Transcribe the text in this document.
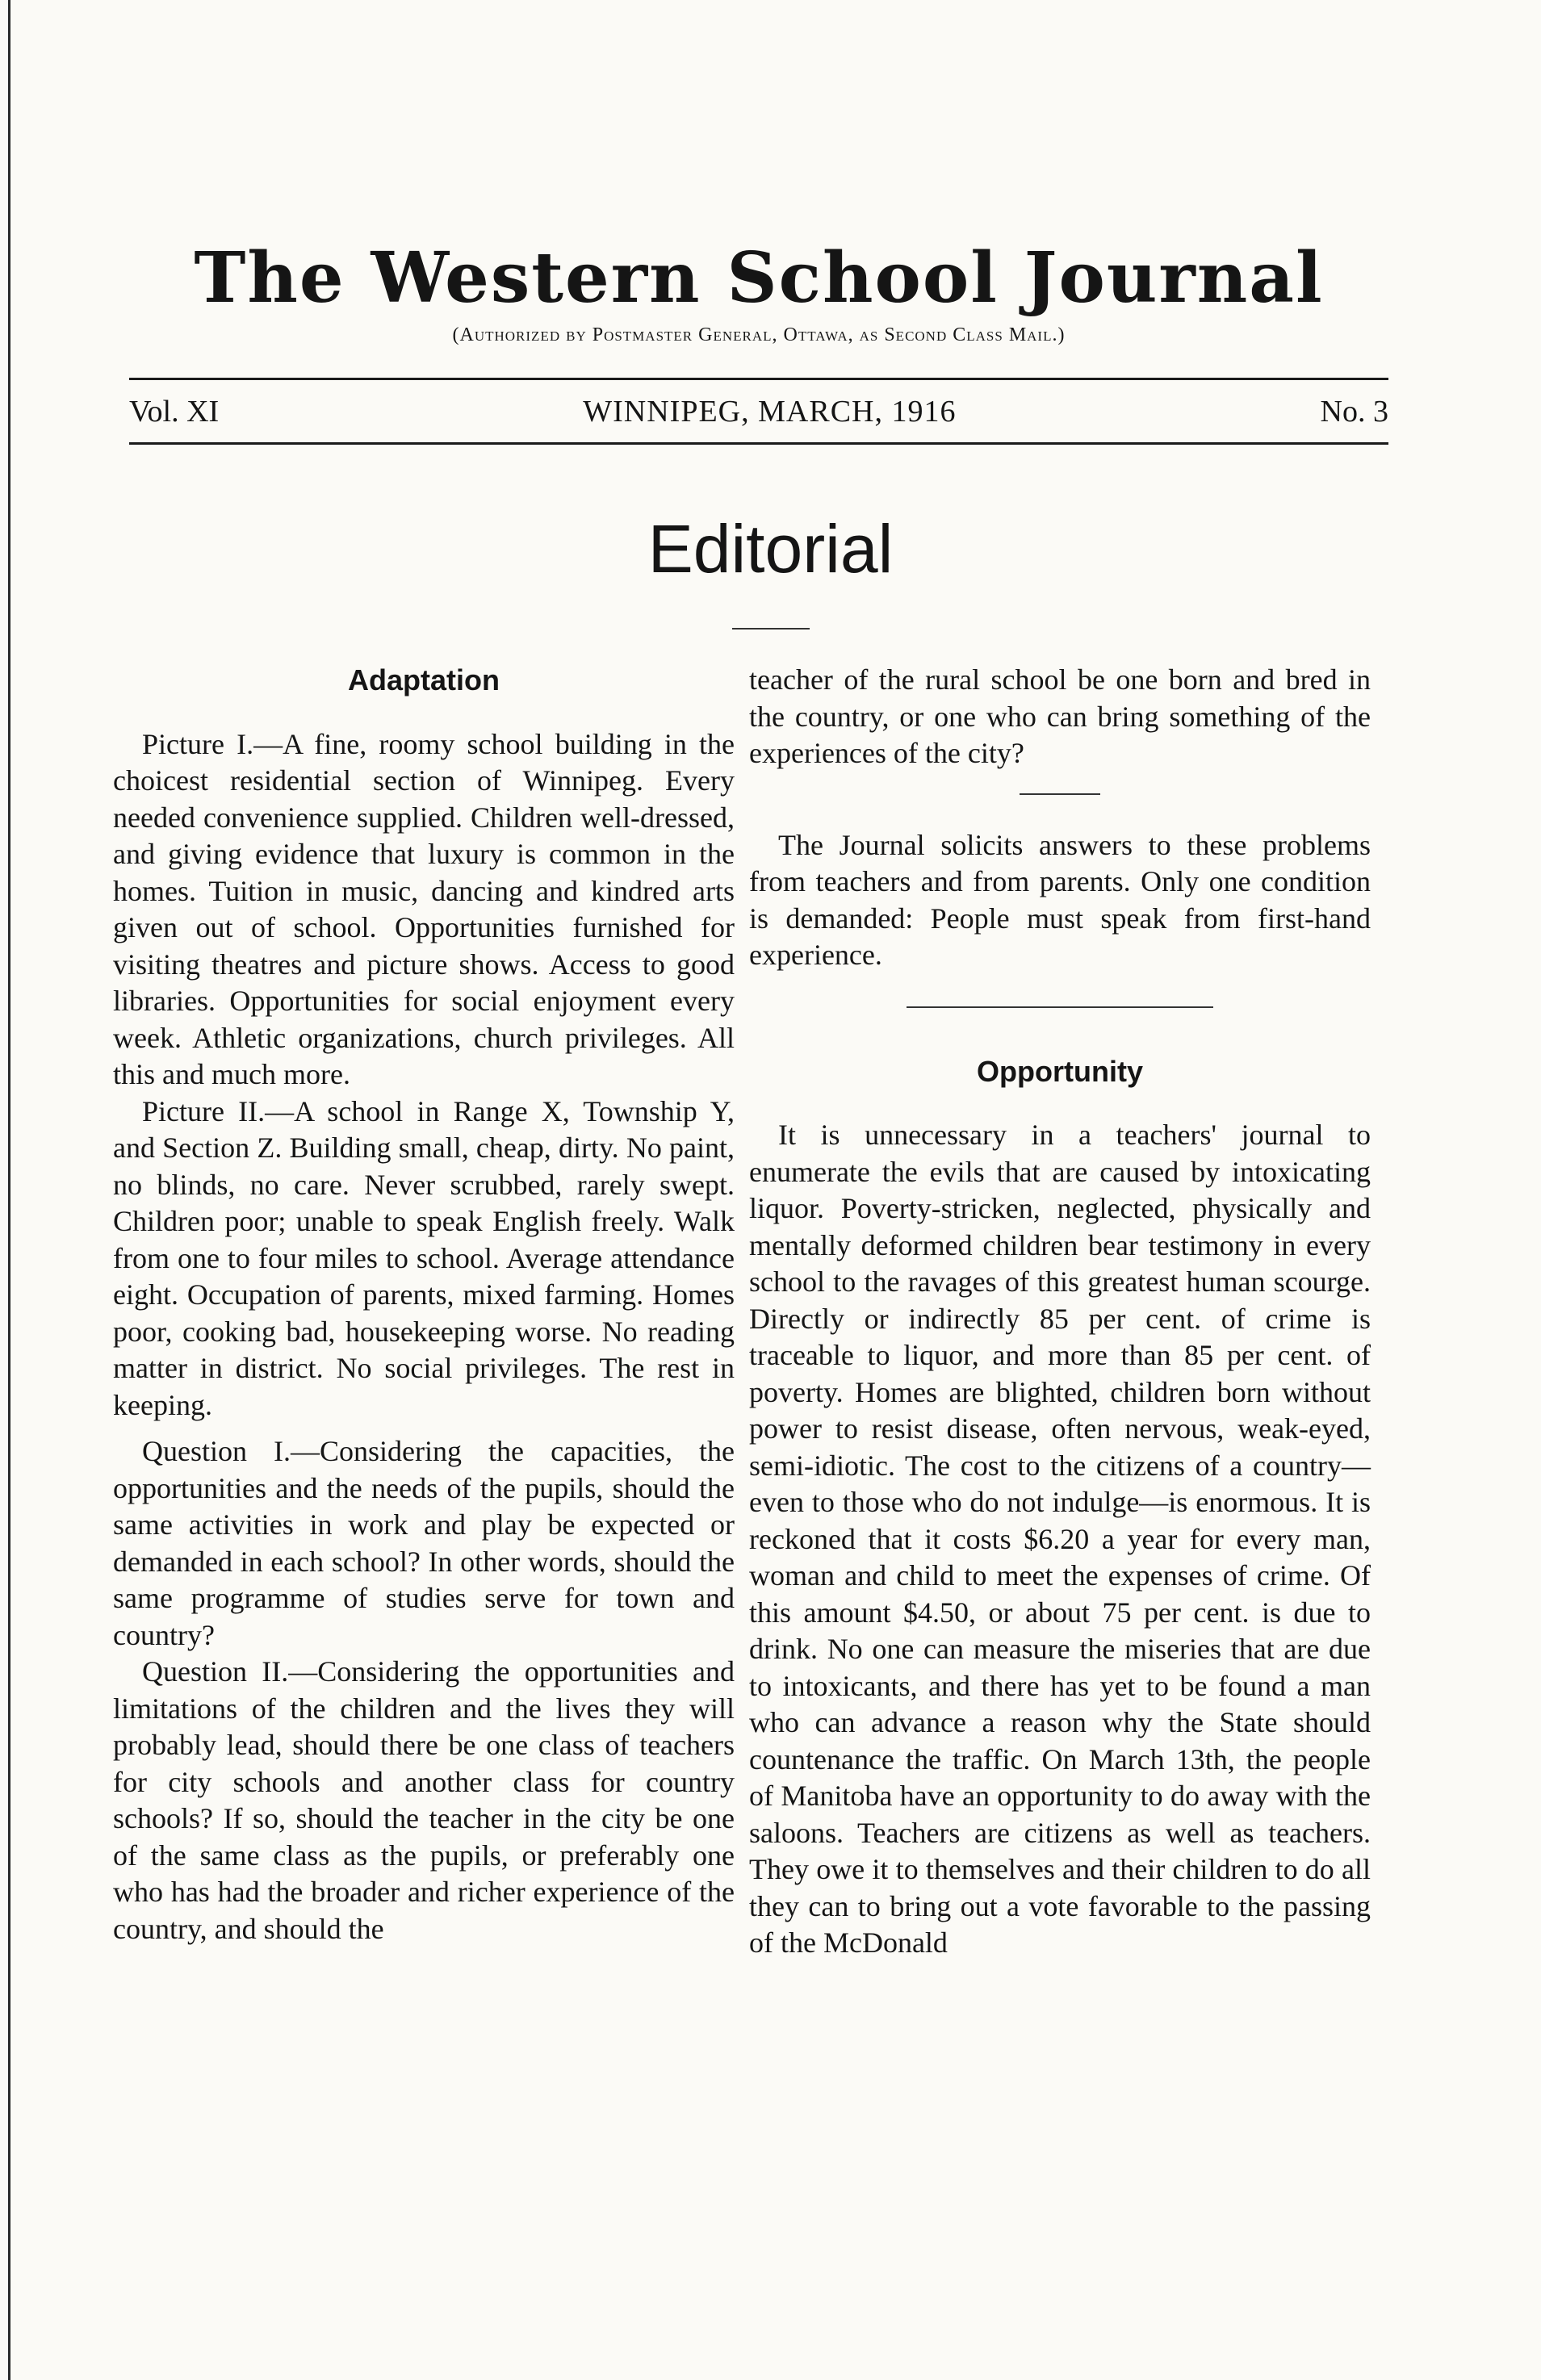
The Western School Journal
(Authorized by Postmaster General, Ottawa, as Second Class Mail.)
Vol. XI	WINNIPEG, MARCH, 1916	No. 3
Editorial
Adaptation

Picture I.—A fine, roomy school building in the choicest residential section of Winnipeg. Every needed convenience supplied. Children well-dressed, and giving evidence that luxury is common in the homes. Tuition in music, dancing and kindred arts given out of school. Opportunities furnished for visiting theatres and picture shows. Access to good libraries. Opportunities for social enjoyment every week. Athletic organizations, church privileges. All this and much more.

Picture II.—A school in Range X, Township Y, and Section Z. Building small, cheap, dirty. No paint, no blinds, no care. Never scrubbed, rarely swept. Children poor; unable to speak English freely. Walk from one to four miles to school. Average attendance eight. Occupation of parents, mixed farming. Homes poor, cooking bad, housekeeping worse. No reading matter in district. No social privileges. The rest in keeping.

Question I.—Considering the capacities, the opportunities and the needs of the pupils, should the same activities in work and play be expected or demanded in each school? In other words, should the same programme of studies serve for town and country?

Question II.—Considering the opportunities and limitations of the children and the lives they will probably lead, should there be one class of teachers for city schools and another class for country schools? If so, should the teacher in the city be one of the same class as the pupils, or preferably one who has had the broader and richer experience of the country, and should the

teacher of the rural school be one born and bred in the country, or one who can bring something of the experiences of the city?

The Journal solicits answers to these problems from teachers and from parents. Only one condition is demanded: People must speak from first-hand experience.

Opportunity

It is unnecessary in a teachers' journal to enumerate the evils that are caused by intoxicating liquor. Poverty-stricken, neglected, physically and mentally deformed children bear testimony in every school to the ravages of this greatest human scourge. Directly or indirectly 85 per cent. of crime is traceable to liquor, and more than 85 per cent. of poverty. Homes are blighted, children born without power to resist disease, often nervous, weak-eyed, semi-idiotic. The cost to the citizens of a country—even to those who do not indulge—is enormous. It is reckoned that it costs $6.20 a year for every man, woman and child to meet the expenses of crime. Of this amount $4.50, or about 75 per cent. is due to drink. No one can measure the miseries that are due to intoxicants, and there has yet to be found a man who can advance a reason why the State should countenance the traffic. On March 13th, the people of Manitoba have an opportunity to do away with the saloons. Teachers are citizens as well as teachers. They owe it to themselves and their children to do all they can to bring out a vote favorable to the passing of the McDonald
